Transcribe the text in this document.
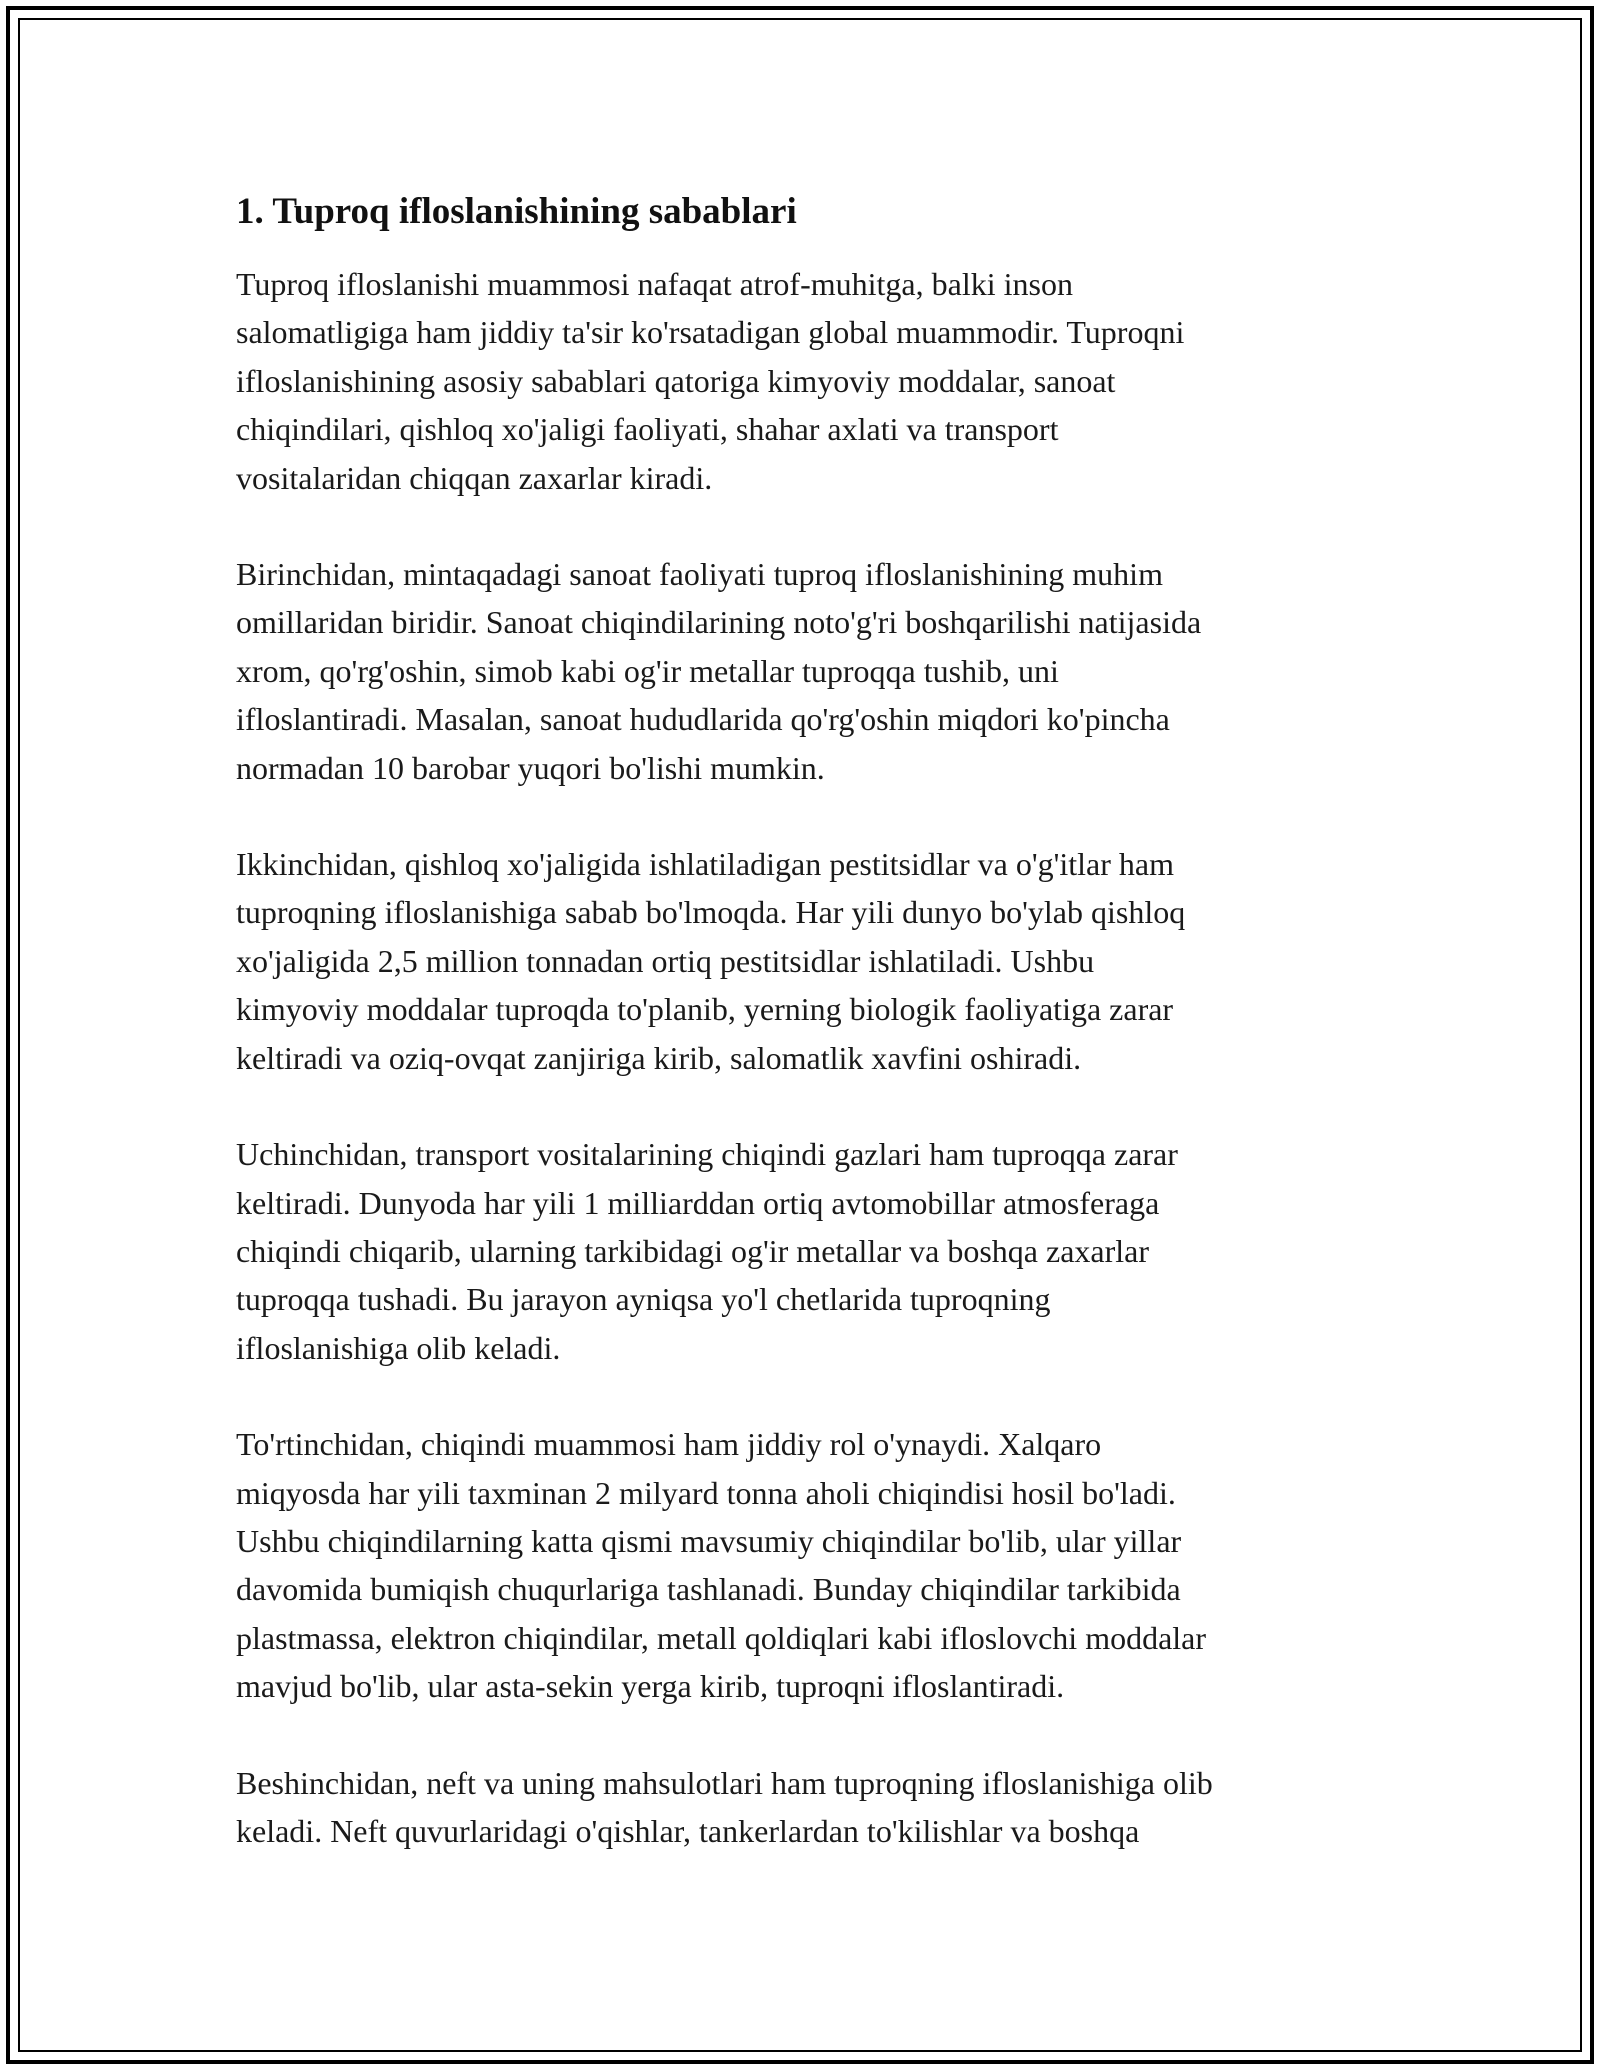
1. Tuproq ifloslanishining sabablari

Tuproq ifloslanishi muammosi nafaqat atrof-muhitga, balki inson
salomatligiga ham jiddiy ta'sir ko'rsatadigan global muammodir. Tuproqni
ifloslanishining asosiy sabablari qatoriga kimyoviy moddalar, sanoat
chiqindilari, qishloq xo'jaligi faoliyati, shahar axlati va transport
vositalaridan chiqqan zaxarlar kiradi.

Birinchidan, mintaqadagi sanoat faoliyati tuproq ifloslanishining muhim
omillaridan biridir. Sanoat chiqindilarining noto'g'ri boshqarilishi natijasida
xrom, qo'rg'oshin, simob kabi og'ir metallar tuproqqa tushib, uni
ifloslantiradi. Masalan, sanoat hududlarida qo'rg'oshin miqdori ko'pincha
normadan 10 barobar yuqori bo'lishi mumkin.

Ikkinchidan, qishloq xo'jaligida ishlatiladigan pestitsidlar va o'g'itlar ham
tuproqning ifloslanishiga sabab bo'lmoqda. Har yili dunyo bo'ylab qishloq
xo'jaligida 2,5 million tonnadan ortiq pestitsidlar ishlatiladi. Ushbu
kimyoviy moddalar tuproqda to'planib, yerning biologik faoliyatiga zarar
keltiradi va oziq-ovqat zanjiriga kirib, salomatlik xavfini oshiradi.

Uchinchidan, transport vositalarining chiqindi gazlari ham tuproqqa zarar
keltiradi. Dunyoda har yili 1 milliarddan ortiq avtomobillar atmosferaga
chiqindi chiqarib, ularning tarkibidagi og'ir metallar va boshqa zaxarlar
tuproqqa tushadi. Bu jarayon ayniqsa yo'l chetlarida tuproqning
ifloslanishiga olib keladi.

To'rtinchidan, chiqindi muammosi ham jiddiy rol o'ynaydi. Xalqaro
miqyosda har yili taxminan 2 milyard tonna aholi chiqindisi hosil bo'ladi.
Ushbu chiqindilarning katta qismi mavsumiy chiqindilar bo'lib, ular yillar
davomida bumiqish chuqurlariga tashlanadi. Bunday chiqindilar tarkibida
plastmassa, elektron chiqindilar, metall qoldiqlari kabi ifloslovchi moddalar
mavjud bo'lib, ular asta-sekin yerga kirib, tuproqni ifloslantiradi.

Beshinchidan, neft va uning mahsulotlari ham tuproqning ifloslanishiga olib
keladi. Neft quvurlaridagi o'qishlar, tankerlardan to'kilishlar va boshqa
